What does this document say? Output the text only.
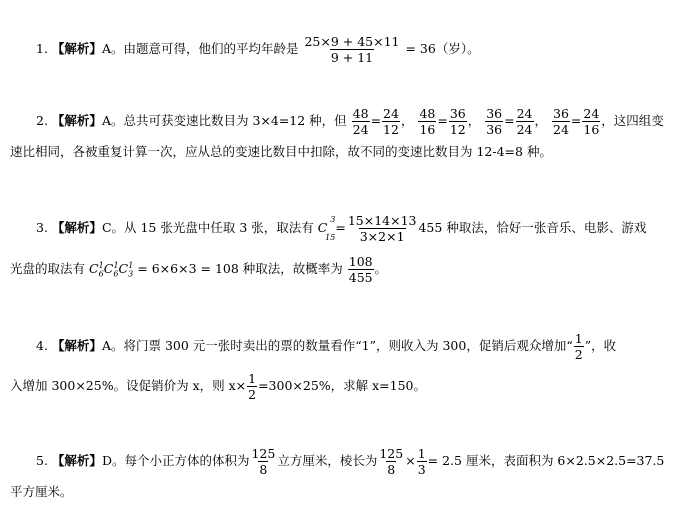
1. 【解析】A。由题意可得，他们的平均年龄是 $\frac{25\times 9 + 45\times 11}{9 + 11} = 36$（岁）。
2. 【解析】A。总共可获变速比数目为 3×4=12 种，但 $\frac{48}{24} = \frac{24}{12}$ ， $\frac{48}{16} = \frac{36}{12}$ ， $\frac{36}{36} = \frac{24}{24}$ ， $\frac{36}{24} = \frac{24}{16}$ ，这四组变
速比相同，各被重复计算一次，应从总的变速比数目中扣除，故不同的变速比数目为 12-4=8 种。
3. 【解析】C。从 15 张光盘中任取 3 张，取法有 C
3
15
= $\frac{15\times 14\times 13}{3\times 2\times 1} 455$ 种取法，恰好一张音乐、电影、游戏
光盘的取法有 $C_6^1C_6^1C_3^1 = 6\times 6\times 3 = 108$ 种取法，故概率为 $\frac{108}{455}$ 。
4. 【解析】A。将门票 300 元一张时卖出的票的数量看作“1”，则收入为 300，促销后观众增加“ $\frac{1}{2}$ ”，收
入增加 300×25%。设促销价为 x，则 $x\times \frac{1}{2} =300\times 25\%$，求解 x=150。
5. 【解析】D。每个小正方体的体积为 $\frac{125}{8}$ 立方厘米，棱长为 $\frac{125}{8} \times \frac{1}{3} = 2.5$ 厘米，表面积为 6×2.5×2.5=37.5
平方厘米。
